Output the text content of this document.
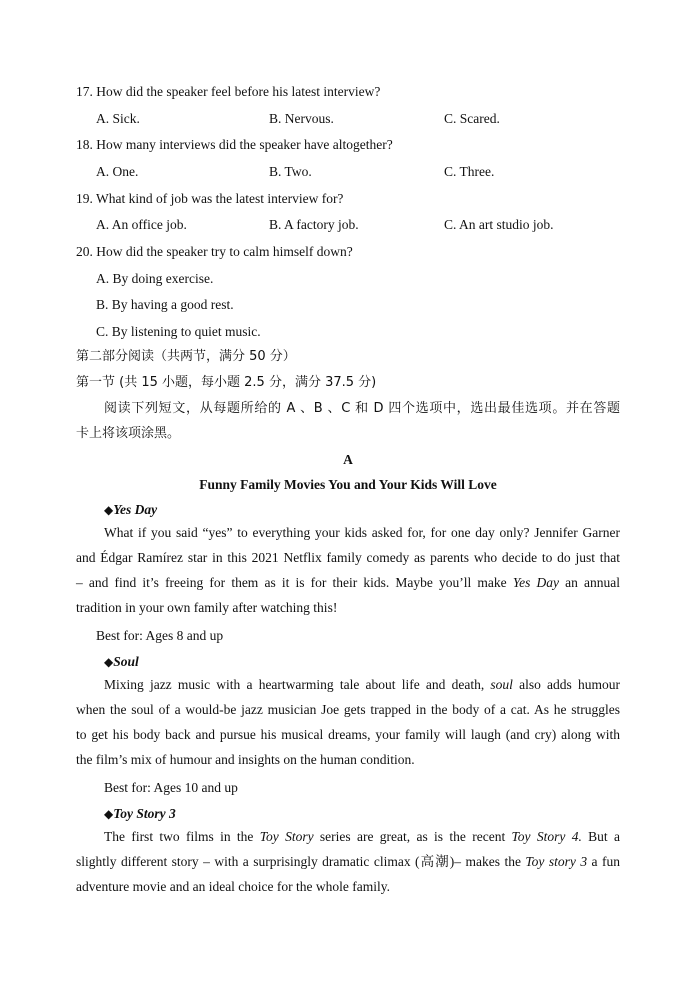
17. How did the speaker feel before his latest interview?
A. Sick.	B. Nervous.	C. Scared.
18. How many interviews did the speaker have altogether?
A. One.	B. Two.	C. Three.
19. What kind of job was the latest interview for?
A. An office job.	B. A factory job.	C. An art studio job.
20. How did the speaker try to calm himself down?
A. By doing exercise.
B. By having a good rest.
C. By listening to quiet music.
第二部分阅读（共两节，满分 50 分）
第一节 (共 15 小题，每小题 2.5 分，满分 37.5 分)
阅读下列短文，从每题所给的 A 、B 、C 和 D 四个选项中，选出最佳选项。并在答题
卡上将该项涂黑。
A
Funny Family Movies You and Your Kids Will Love
◆Yes Day

What if you said “yes” to everything your kids asked for, for one day only? Jennifer Garner

and Édgar Ramírez star in this 2021 Netflix family comedy as parents who decide to do just that

– and find it’s freeing for them as it is for their kids. Maybe you’ll make Yes Day an annual

tradition in your own family after watching this!

Best for: Ages 8 and up
◆Soul

Mixing jazz music with a heartwarming tale about life and death, soul also adds humour

when the soul of a would-be jazz musician Joe gets trapped in the body of a cat. As he struggles

to get his body back and pursue his musical dreams, your family will laugh (and cry) along with

the film’s mix of humour and insights on the human condition.

Best for: Ages 10 and up
◆Toy Story 3

The first two films in the Toy Story series are great, as is the recent Toy Story 4. But a

slightly different story – with a surprisingly dramatic climax (高潮)– makes the Toy story 3 a fun

adventure movie and an ideal choice for the whole family.
